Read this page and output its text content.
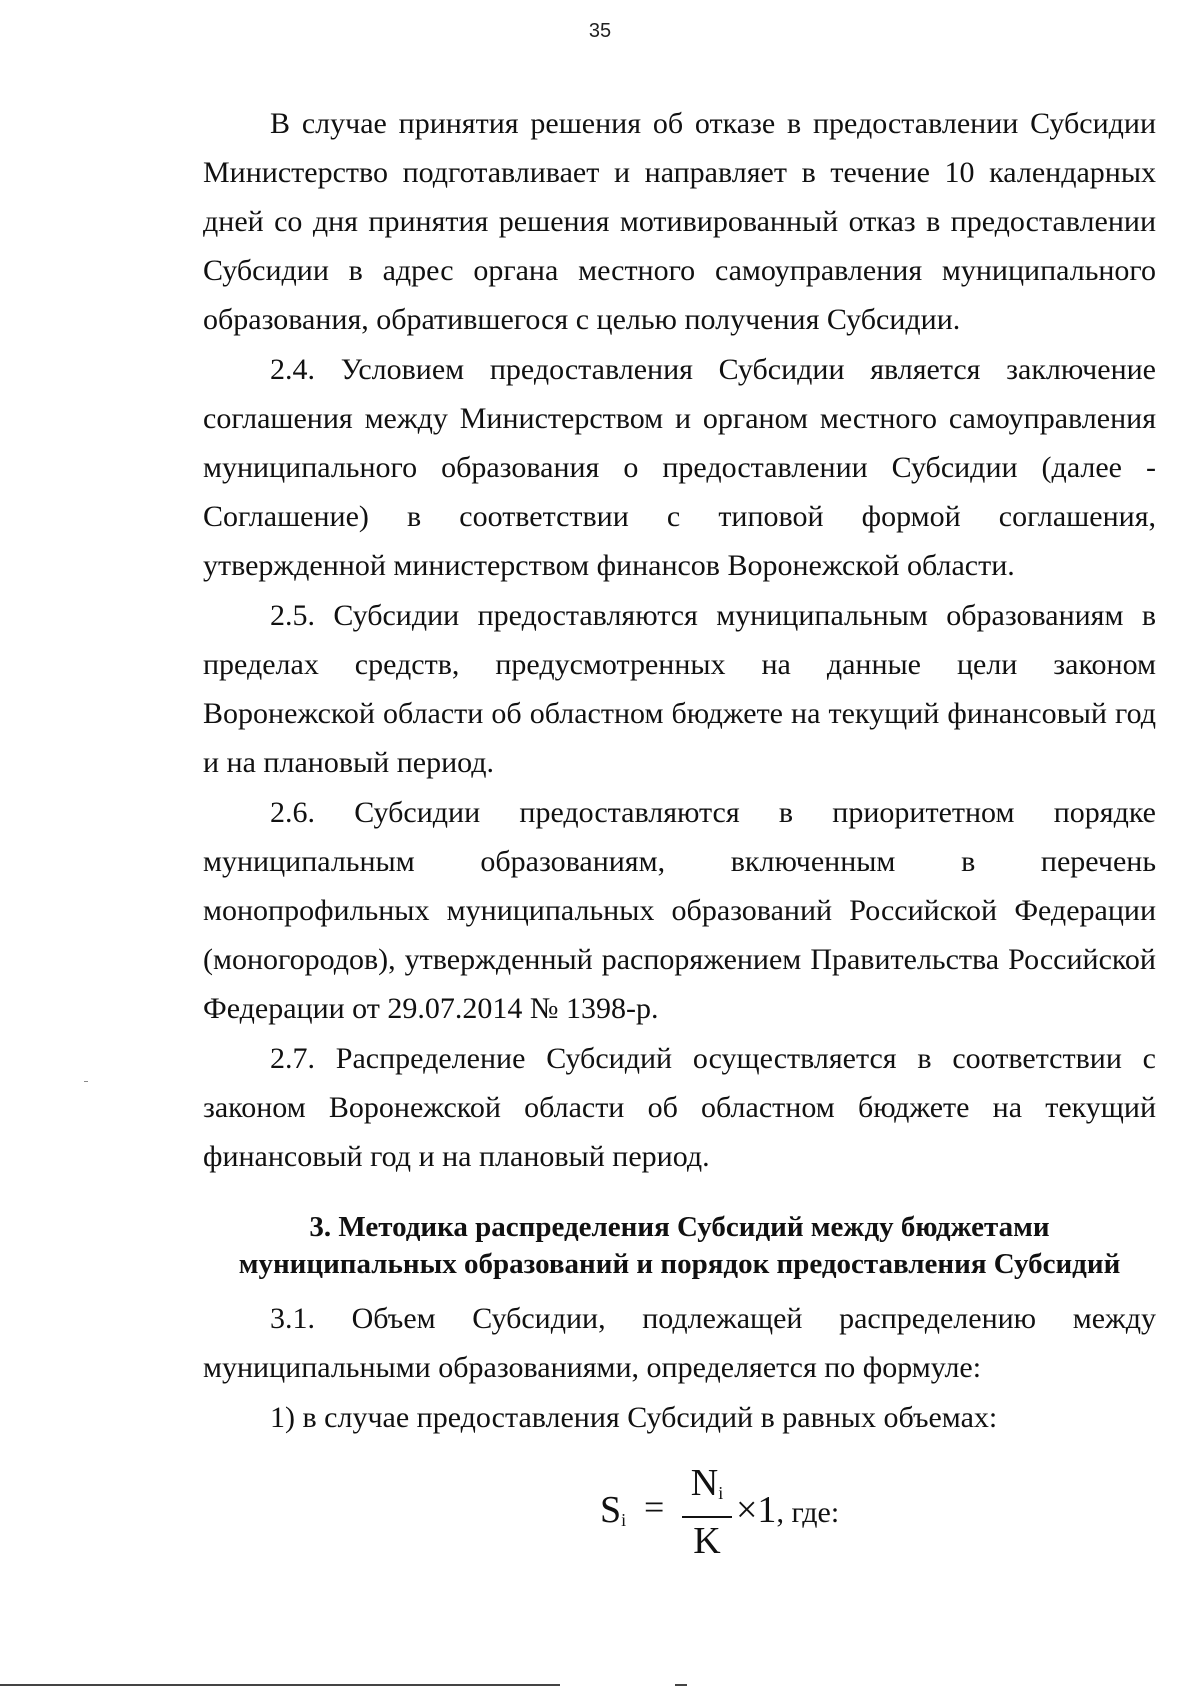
35

В случае принятия решения об отказе в предоставлении Субсидии Министерство подготавливает и направляет в течение 10 календарных дней со дня принятия решения мотивированный отказ в предоставлении Субсидии в адрес органа местного самоуправления муниципального образования, обратившегося с целью получения Субсидии.

2.4. Условием предоставления Субсидии является заключение соглашения между Министерством и органом местного самоуправления муниципального образования о предоставлении Субсидии (далее - Соглашение) в соответствии с типовой формой соглашения, утвержденной министерством финансов Воронежской области.

2.5. Субсидии предоставляются муниципальным образованиям в пределах средств, предусмотренных на данные цели законом Воронежской области об областном бюджете на текущий финансовый год и на плановый период.

2.6. Субсидии предоставляются в приоритетном порядке муниципальным образованиям, включенным в перечень монопрофильных муниципальных образований Российской Федерации (моногородов), утвержденный распоряжением Правительства Российской Федерации от 29.07.2014 № 1398-р.

2.7. Распределение Субсидий осуществляется в соответствии с законом Воронежской области об областном бюджете на текущий финансовый год и на плановый период.

3. Методика распределения Субсидий между бюджетами

муниципальных образований и порядок предоставления Субсидий

3.1. Объем Субсидии, подлежащей распределению между муниципальными образованиями, определяется по формуле:

1) в случае предоставления Субсидий в равных объемах:

$S_i$ =
$N_i$
K
×1, где:
